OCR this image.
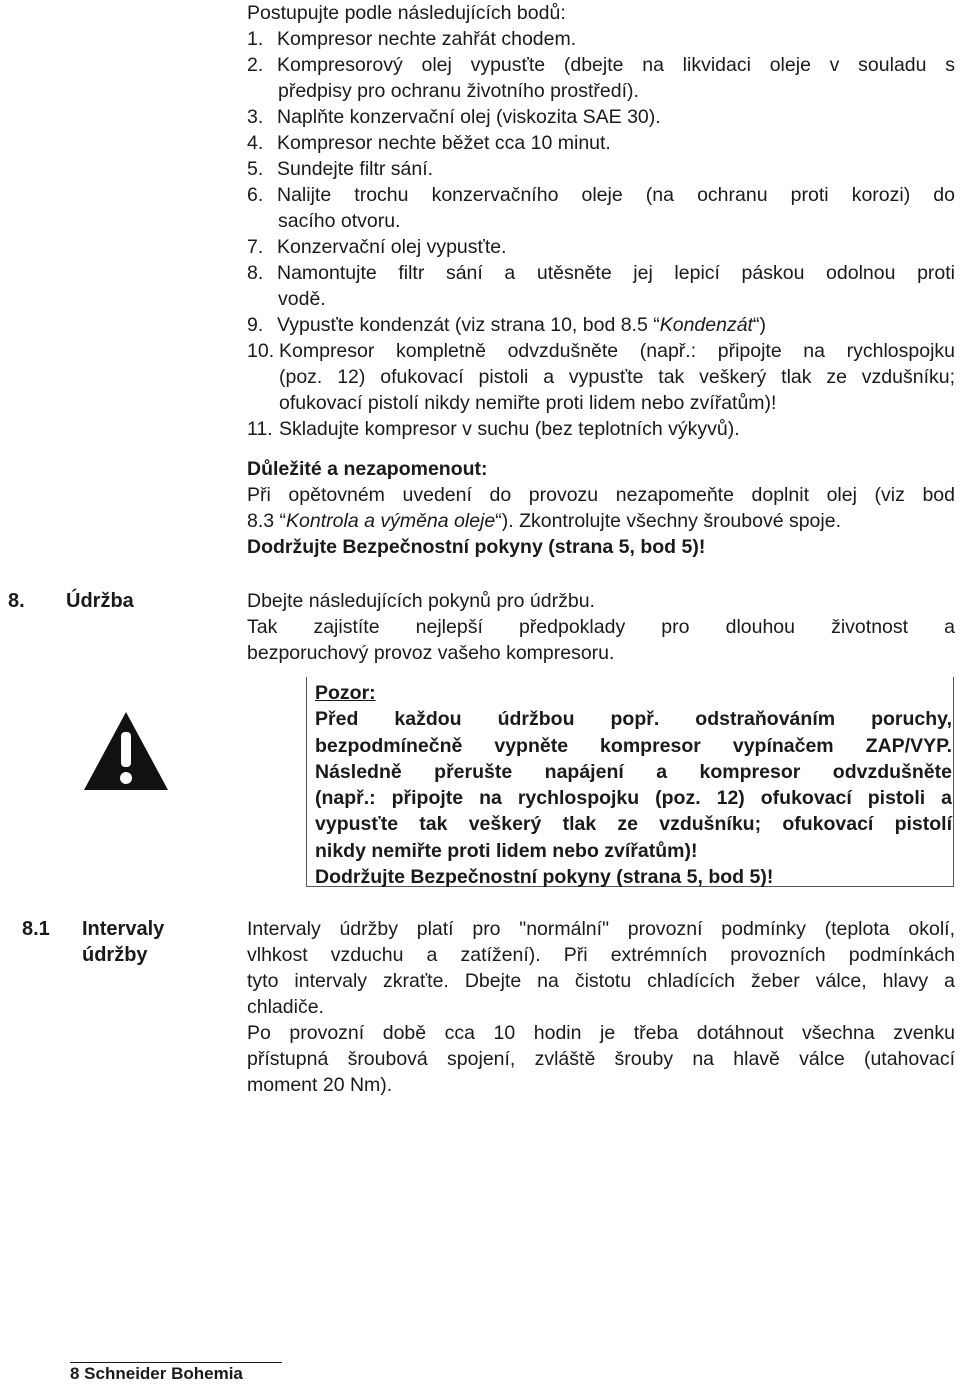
Postupujte podle následujících bodů:
1. Kompresor nechte zahřát chodem.
2. Kompresorový olej vypusťte (dbejte na likvidaci oleje v souladu s
předpisy pro ochranu životního prostředí).
3. Naplňte konzervační olej (viskozita SAE 30).
4. Kompresor nechte běžet cca 10 minut.
5. Sundejte filtr sání.
6. Nalijte trochu konzervačního oleje (na ochranu proti korozi) do
sacího otvoru.
7. Konzervační olej vypusťte.
8. Namontujte filtr sání a utěsněte jej lepicí páskou odolnou proti
vodě.
9. Vypusťte kondenzát (viz strana 10, bod 8.5 “Kondenzát“)
10. Kompresor kompletně odvzdušněte (např.: připojte na rychlospojku
(poz. 12) ofukovací pistoli a vypusťte tak veškerý tlak ze vzdušníku;
ofukovací pistolí nikdy nemiřte proti lidem nebo zvířatům)!
11. Skladujte kompresor v suchu (bez teplotních výkyvů).
Důležité a nezapomenout:
Při opětovném uvedení do provozu nezapomeňte doplnit olej (viz bod
8.3 “Kontrola a výměna oleje“). Zkontrolujte všechny šroubové spoje.
Dodržujte Bezpečnostní pokyny (strana 5, bod 5)!
8. Údržba	Dbejte následujících pokynů pro údržbu.
Tak zajistíte nejlepší předpoklady pro dlouhou životnost a
bezporuchový provoz vašeho kompresoru.
Pozor:
Před každou údržbou popř. odstraňováním poruchy,
bezpodmínečně vypněte kompresor vypínačem ZAP/VYP.
Následně přerušte napájení a kompresor odvzdušněte
(např.: připojte na rychlospojku (poz. 12) ofukovací pistoli a
vypusťte tak veškerý tlak ze vzdušníku; ofukovací pistolí
nikdy nemiřte proti lidem nebo zvířatům)!
Dodržujte Bezpečnostní pokyny (strana 5, bod 5)!
8.1 Intervaly
údržby
Intervaly údržby platí pro "normální" provozní podmínky (teplota okolí,
vlhkost vzduchu a zatížení). Při extrémních provozních podmínkách
tyto intervaly zkraťte. Dbejte na čistotu chladících žeber válce, hlavy a
chladiče.
Po provozní době cca 10 hodin je třeba dotáhnout všechna zvenku
přístupná šroubová spojení, zvláště šrouby na hlavě válce (utahovací
moment 20 Nm).
8 Schneider Bohemia
